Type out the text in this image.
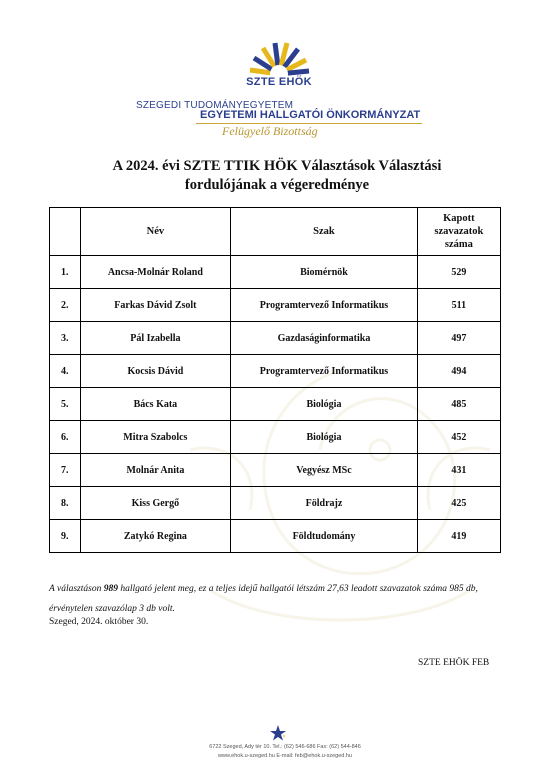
SZTE EHÖK
SZEGEDI TUDOMÁNYEGYETEM
EGYETEMI HALLGATÓI ÖNKORMÁNYZAT
Felügyelő Bizottság
A 2024. évi SZTE TTIK HÖK Választások Választási
fordulójának a végeredménye
	Név	Szak	Kapott
szavazatok
száma

1.	Ancsa-Molnár Roland	Biomérnök	529
2.	Farkas Dávid Zsolt	Programtervező Informatikus	511
3.	Pál Izabella	Gazdaságinformatika	497
4.	Kocsis Dávid	Programtervező Informatikus	494
5.	Bács Kata	Biológia	485
6.	Mitra Szabolcs	Biológia	452
7.	Molnár Anita	Vegyész MSc	431
8.	Kiss Gergő	Földrajz	425
9.	Zatykó Regina	Földtudomány	419
A választáson 989 hallgató jelent meg, ez a teljes idejű hallgatói létszám 27,63 leadott szavazatok száma 985 db, érvénytelen szavazólap 3 db volt.
Szeged, 2024. október 30.
SZTE EHÖK FEB
6722 Szeged, Ady tér 10. Tel.: (62) 546-686 Fax: (62) 544-846
www.ehok.u-szeged.hu E-mail: feb@ehok.u-szeged.hu
